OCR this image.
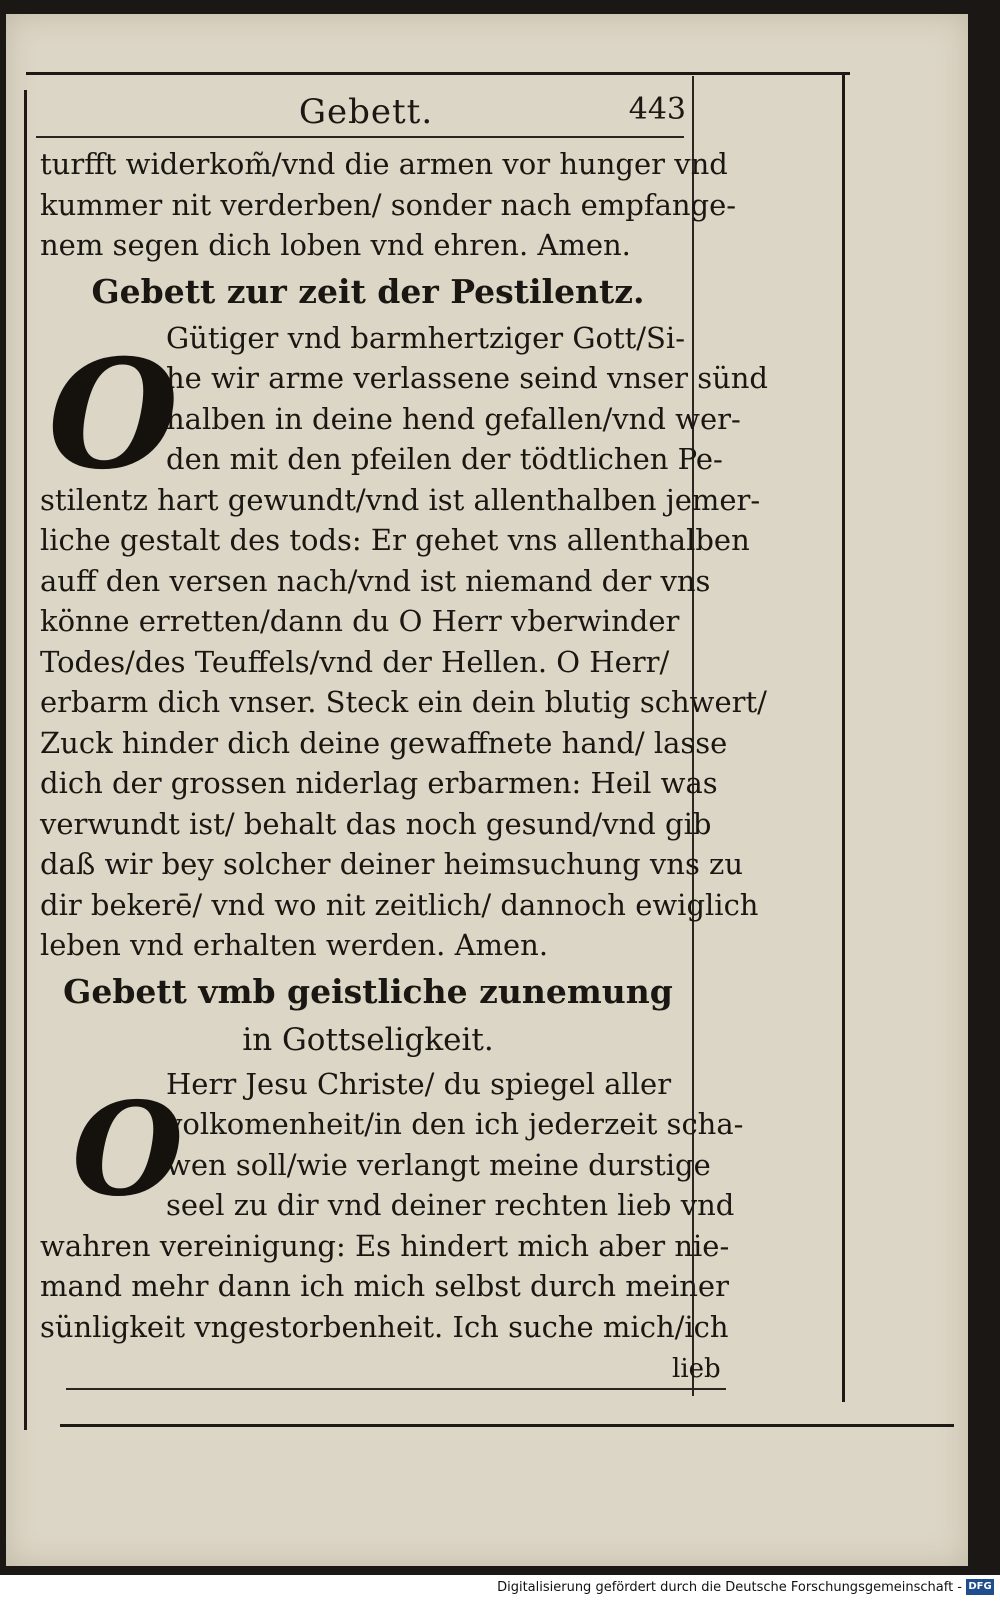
Gebett.	443
turfft widerkom̃/vnd die armen vor hunger vnd
kummer nit verderben/ sonder nach empfange-
nem segen dich loben vnd ehren. Amen.
Gebett zur zeit der Pestilentz.
Gütiger vnd barmhertziger Gott/Si-
he wir arme verlassene seind vnser sünd
halben in deine hend gefallen/vnd wer-
den mit den pfeilen der tödtlichen Pe-
stilentz hart gewundt/vnd ist allenthalben jemer-
liche gestalt des tods: Er gehet vns allenthalben
auff den versen nach/vnd ist niemand der vns
könne erretten/dann du O Herr vberwinder
Todes/des Teuffels/vnd der Hellen. O Herr/
erbarm dich vnser. Steck ein dein blutig schwert/
Zuck hinder dich deine gewaffnete hand/ lasse
dich der grossen niderlag erbarmen: Heil was
verwundt ist/ behalt das noch gesund/vnd gib
daß wir bey solcher deiner heimsuchung vns zu
dir bekerē/ vnd wo nit zeitlich/ dannoch ewiglich
leben vnd erhalten werden. Amen.
Gebett vmb geistliche zunemung
in Gottseligkeit.
Herr Jesu Christe/ du spiegel aller
volkomenheit/in den ich jederzeit scha-
wen soll/wie verlangt meine durstige
seel zu dir vnd deiner rechten lieb vnd
wahren vereinigung: Es hindert mich aber nie-
mand mehr dann ich mich selbst durch meiner
sünligkeit vngestorbenheit. Ich suche mich/ich
O
O
lieb
Digitalisierung gefördert durch die Deutsche Forschungsgemeinschaft - DFG
